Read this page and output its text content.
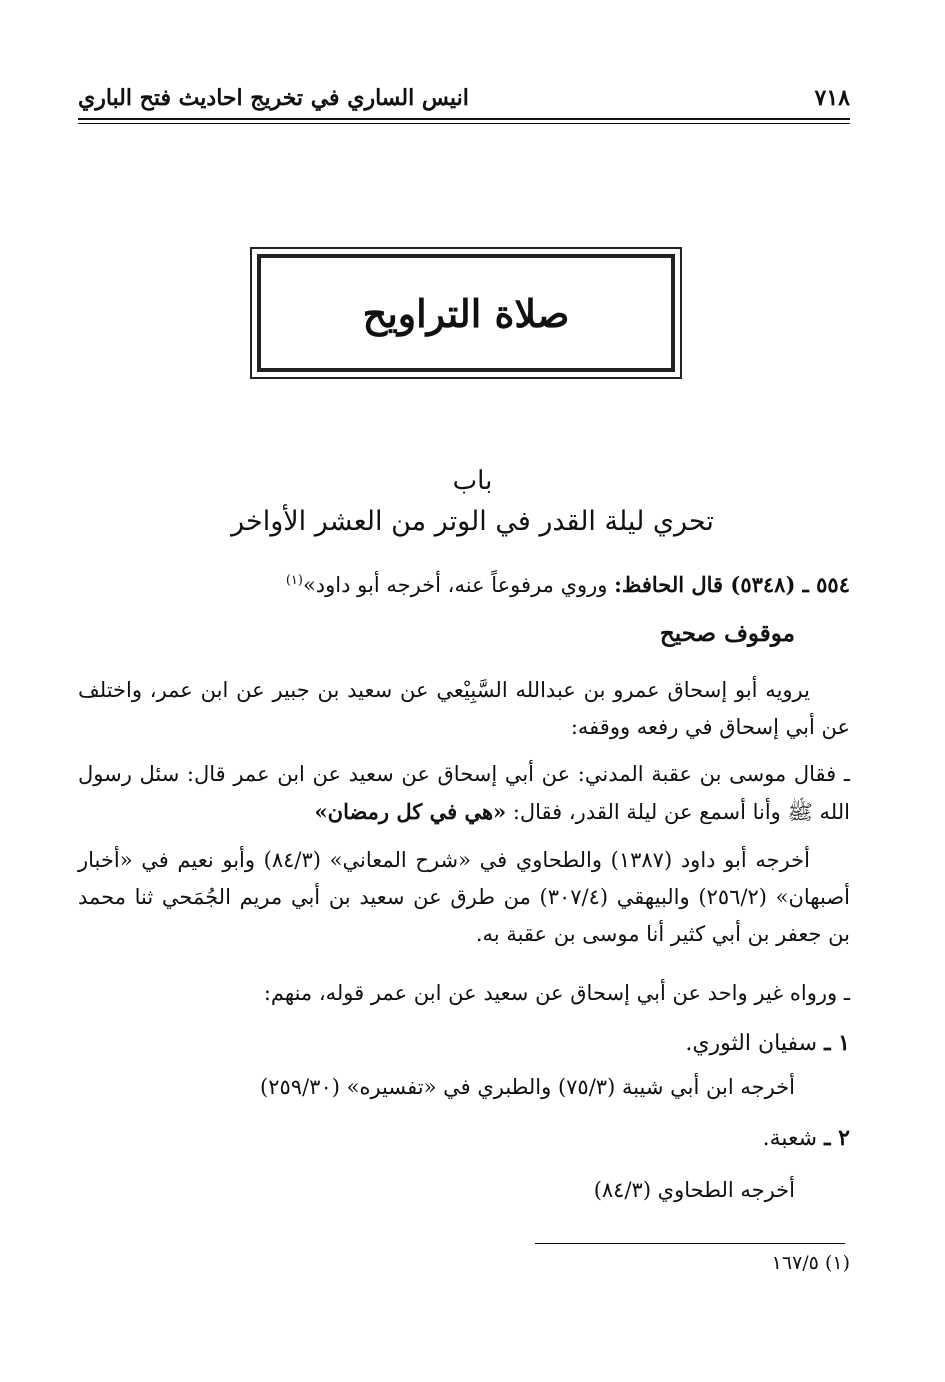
٧١٨
انيس الساري في تخريج احاديث فتح الباري
صلاة التراويح
باب
تحري ليلة القدر في الوتر من العشر الأواخر
٥٥٤ ـ (٥٣٤٨) قال الحافظ: وروي مرفوعاً عنه، أخرجه أبو داود»$^{(١)}$
موقوف صحيح
يرويه أبو إسحاق عمرو بن عبدالله السَّبِيْعي عن سعيد بن جبير عن ابن عمر، واختلف عن أبي إسحاق في رفعه ووقفه:
ـ فقال موسى بن عقبة المدني: عن أبي إسحاق عن سعيد عن ابن عمر قال: سئل رسول الله ﷺ وأنا أسمع عن ليلة القدر، فقال: «هي في كل رمضان»
أخرجه أبو داود (١٣٨٧) والطحاوي في «شرح المعاني» (٨٤/٣) وأبو نعيم في «أخبار أصبهان» (٢٥٦/٢) والبيهقي (٣٠٧/٤) من طرق عن سعيد بن أبي مريم الجُمَحي ثنا محمد بن جعفر بن أبي كثير أنا موسى بن عقبة به.
ـ ورواه غير واحد عن أبي إسحاق عن سعيد عن ابن عمر قوله، منهم:
١ ـ سفيان الثوري.
أخرجه ابن أبي شيبة (٧٥/٣) والطبري في «تفسيره» (٢٥٩/٣٠)
٢ ـ شعبة.
أخرجه الطحاوي (٨٤/٣)
(١) ١٦٧/٥
